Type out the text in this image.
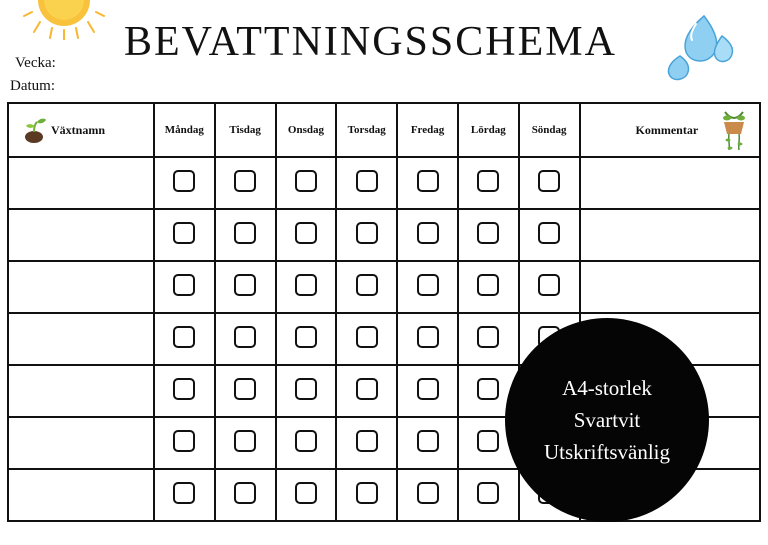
BEVATTNINGSSCHEMA
Vecka:
Datum:
Växtnamn	Måndag	Tisdag	Onsdag	Torsdag	Fredag	Lördag	Söndag	Kommentar

A4-storlek
Svartvit
Utskriftsvänlig
